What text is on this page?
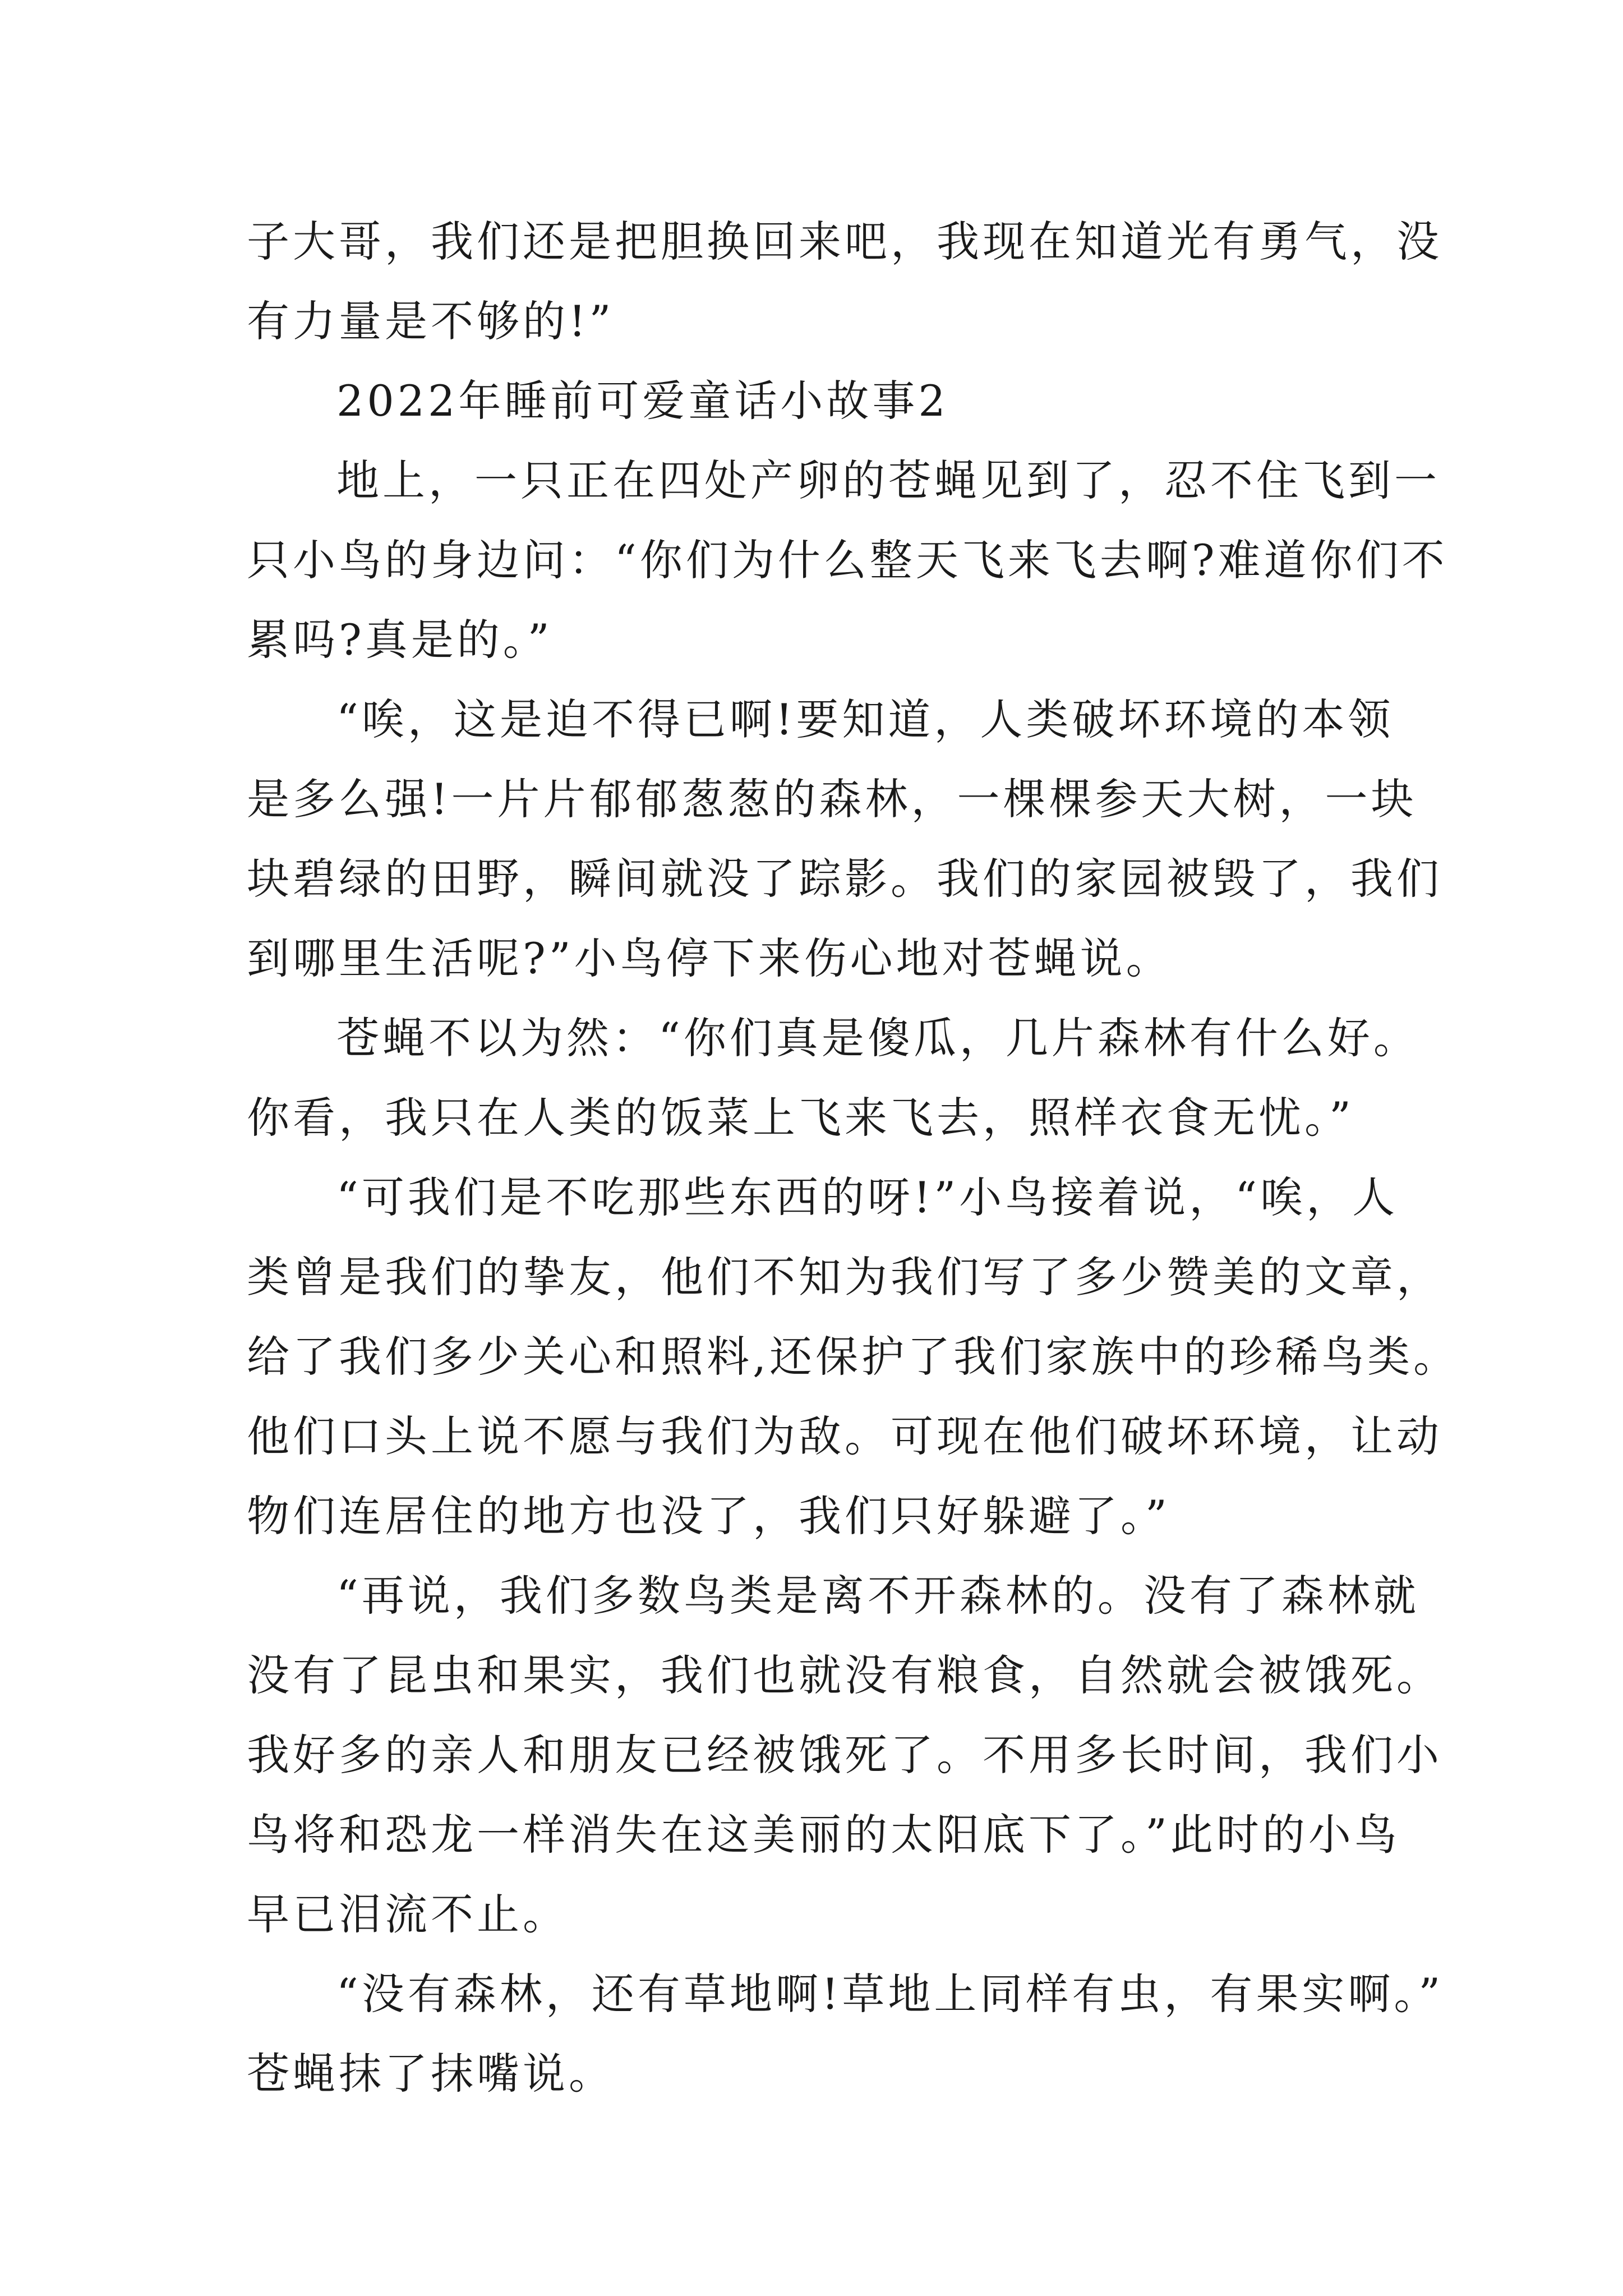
子大哥，我们还是把胆换回来吧，我现在知道光有勇气，没
有力量是不够的!”
2022年睡前可爱童话小故事2
地上，一只正在四处产卵的苍蝇见到了，忍不住飞到一
只小鸟的身边问：“你们为什么整天飞来飞去啊?难道你们不
累吗?真是的。”
“唉，这是迫不得已啊!要知道，人类破坏环境的本领
是多么强!一片片郁郁葱葱的森林，一棵棵参天大树，一块
块碧绿的田野，瞬间就没了踪影。我们的家园被毁了，我们
到哪里生活呢?”小鸟停下来伤心地对苍蝇说。
苍蝇不以为然：“你们真是傻瓜，几片森林有什么好。
你看，我只在人类的饭菜上飞来飞去，照样衣食无忧。”
“可我们是不吃那些东西的呀!”小鸟接着说，“唉，人
类曾是我们的挚友，他们不知为我们写了多少赞美的文章，
给了我们多少关心和照料,还保护了我们家族中的珍稀鸟类。
他们口头上说不愿与我们为敌。可现在他们破坏环境，让动
物们连居住的地方也没了，我们只好躲避了。”
“再说，我们多数鸟类是离不开森林的。没有了森林就
没有了昆虫和果实，我们也就没有粮食，自然就会被饿死。
我好多的亲人和朋友已经被饿死了。不用多长时间，我们小
鸟将和恐龙一样消失在这美丽的太阳底下了。”此时的小鸟
早已泪流不止。
“没有森林，还有草地啊!草地上同样有虫，有果实啊。”
苍蝇抹了抹嘴说。
